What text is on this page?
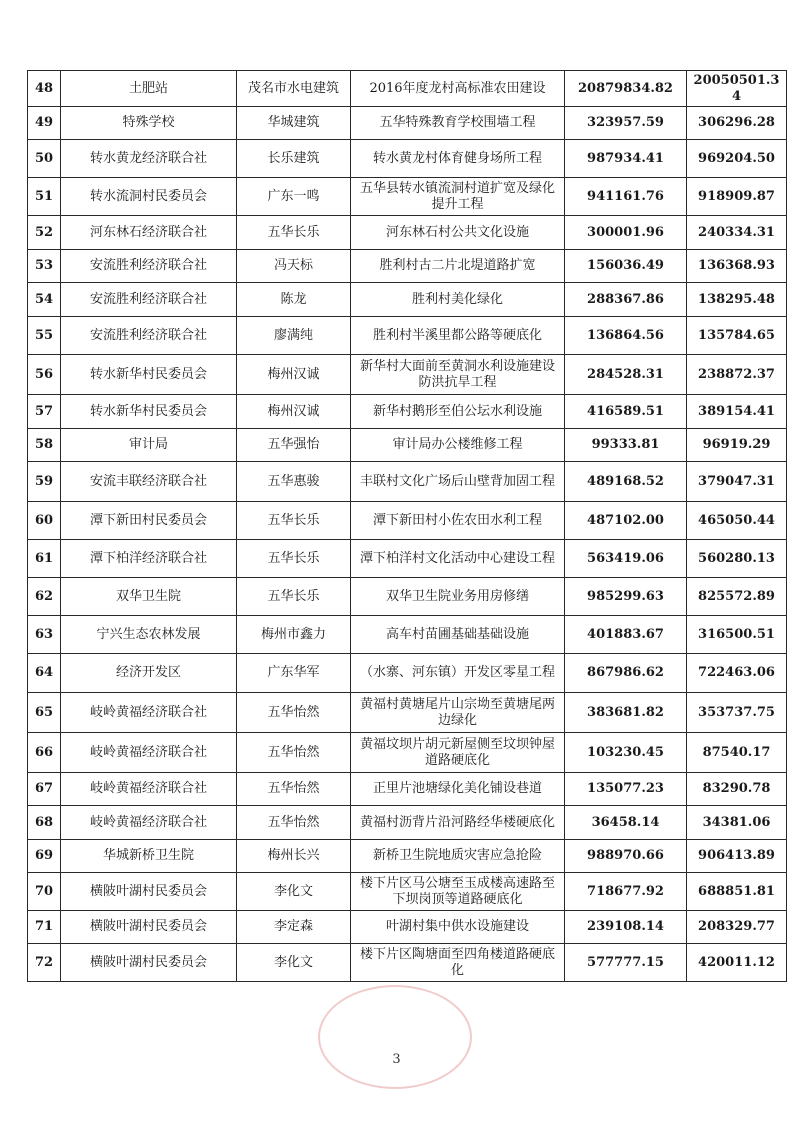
48	土肥站	茂名市水电建筑	2016年度龙村高标准农田建设	20879834.82	20050501.34
49	特殊学校	华城建筑	五华特殊教育学校围墙工程	323957.59	306296.28
50	转水黄龙经济联合社	长乐建筑	转水黄龙村体育健身场所工程	987934.41	969204.50
51	转水流洞村民委员会	广东一鸣	五华县转水镇流洞村道扩宽及绿化提升工程	941161.76	918909.87
52	河东林石经济联合社	五华长乐	河东林石村公共文化设施	300001.96	240334.31
53	安流胜利经济联合社	冯天标	胜利村古二片北堤道路扩宽	156036.49	136368.93
54	安流胜利经济联合社	陈龙	胜利村美化绿化	288367.86	138295.48
55	安流胜利经济联合社	廖满纯	胜利村半溪里都公路等硬底化	136864.56	135784.65
56	转水新华村民委员会	梅州汉诚	新华村大面前至黄洞水利设施建设防洪抗旱工程	284528.31	238872.37
57	转水新华村民委员会	梅州汉诚	新华村鹅形至伯公坛水利设施	416589.51	389154.41
58	审计局	五华强怡	审计局办公楼维修工程	99333.81	96919.29
59	安流丰联经济联合社	五华惠骏	丰联村文化广场后山壁背加固工程	489168.52	379047.31
60	潭下新田村民委员会	五华长乐	潭下新田村小佐农田水利工程	487102.00	465050.44
61	潭下柏洋经济联合社	五华长乐	潭下柏洋村文化活动中心建设工程	563419.06	560280.13
62	双华卫生院	五华长乐	双华卫生院业务用房修缮	985299.63	825572.89
63	宁兴生态农林发展	梅州市鑫力	高车村苗圃基础基础设施	401883.67	316500.51
64	经济开发区	广东华军	（水寨、河东镇）开发区零星工程	867986.62	722463.06
65	岐岭黄福经济联合社	五华怡然	黄福村黄塘尾片山宗坳至黄塘尾两边绿化	383681.82	353737.75
66	岐岭黄福经济联合社	五华怡然	黄福坟坝片胡元新屋侧至坟坝钟屋道路硬底化	103230.45	87540.17
67	岐岭黄福经济联合社	五华怡然	正里片池塘绿化美化铺设巷道	135077.23	83290.78
68	岐岭黄福经济联合社	五华怡然	黄福村沥背片沿河路经华楼硬底化	36458.14	34381.06
69	华城新桥卫生院	梅州长兴	新桥卫生院地质灾害应急抢险	988970.66	906413.89
70	横陂叶湖村民委员会	李化文	楼下片区马公塘至玉成楼高速路至下坝岗顶等道路硬底化	718677.92	688851.81
71	横陂叶湖村民委员会	李定森	叶湖村集中供水设施建设	239108.14	208329.77
72	横陂叶湖村民委员会	李化文	楼下片区陶塘面至四角楼道路硬底化	577777.15	420011.12
3
